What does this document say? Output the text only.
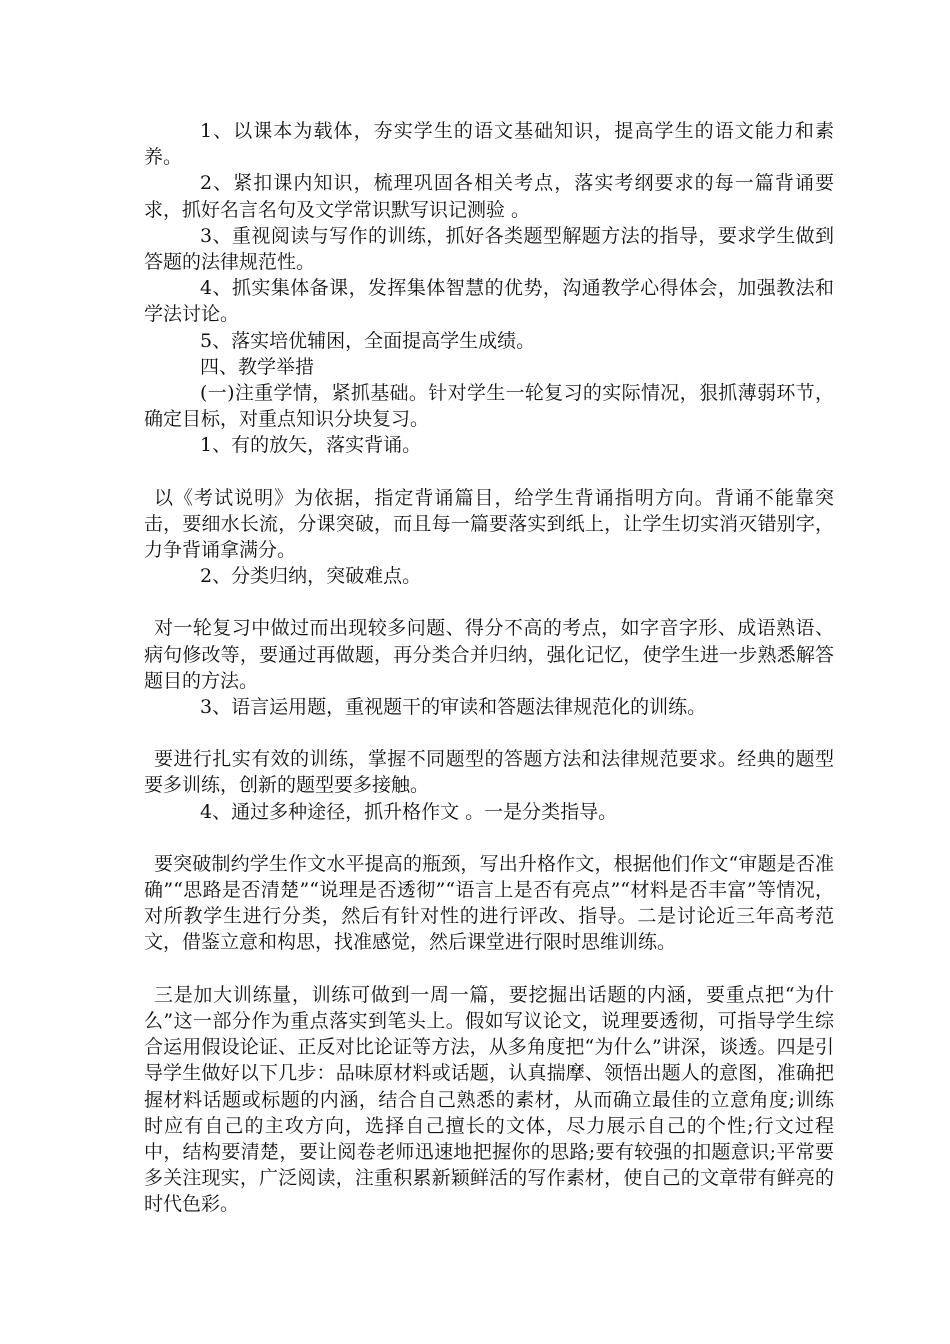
1、以课本为载体，夯实学生的语文基础知识，提高学生的语文能力和素养。

2、紧扣课内知识，梳理巩固各相关考点，落实考纲要求的每一篇背诵要求，抓好名言名句及文学常识默写识记测验 。

3、重视阅读与写作的训练，抓好各类题型解题方法的指导，要求学生做到答题的法律规范性。

4、抓实集体备课，发挥集体智慧的优势，沟通教学心得体会，加强教法和学法讨论。

5、落实培优辅困，全面提高学生成绩。

四、教学举措

(一)注重学情，紧抓基础。针对学生一轮复习的实际情况，狠抓薄弱环节，确定目标，对重点知识分块复习。

1、有的放矢，落实背诵。

以《考试说明》为依据，指定背诵篇目，给学生背诵指明方向。背诵不能靠突击，要细水长流，分课突破，而且每一篇要落实到纸上，让学生切实消灭错别字，力争背诵拿满分。

2、分类归纳，突破难点。

对一轮复习中做过而出现较多问题、得分不高的考点，如字音字形、成语熟语、病句修改等，要通过再做题，再分类合并归纳，强化记忆，使学生进一步熟悉解答题目的方法。

3、语言运用题，重视题干的审读和答题法律规范化的训练。

要进行扎实有效的训练，掌握不同题型的答题方法和法律规范要求。经典的题型要多训练，创新的题型要多接触。

4、通过多种途径，抓升格作文 。一是分类指导。

要突破制约学生作文水平提高的瓶颈，写出升格作文，根据他们作文“审题是否准确”“思路是否清楚”“说理是否透彻”“语言上是否有亮点”“材料是否丰富”等情况，对所教学生进行分类，然后有针对性的进行评改、指导。二是讨论近三年高考范文，借鉴立意和构思，找准感觉，然后课堂进行限时思维训练。

三是加大训练量，训练可做到一周一篇，要挖掘出话题的内涵，要重点把“为什么”这一部分作为重点落实到笔头上。假如写议论文，说理要透彻，可指导学生综合运用假设论证、正反对比论证等方法，从多角度把“为什么”讲深，谈透。四是引导学生做好以下几步：品味原材料或话题，认真揣摩、领悟出题人的意图，准确把握材料话题或标题的内涵，结合自己熟悉的素材，从而确立最佳的立意角度;训练时应有自己的主攻方向，选择自己擅长的文体，尽力展示自己的个性;行文过程中，结构要清楚，要让阅卷老师迅速地把握你的思路;要有较强的扣题意识;平常要多关注现实，广泛阅读，注重积累新颖鲜活的写作素材，使自己的文章带有鲜亮的时代色彩。
